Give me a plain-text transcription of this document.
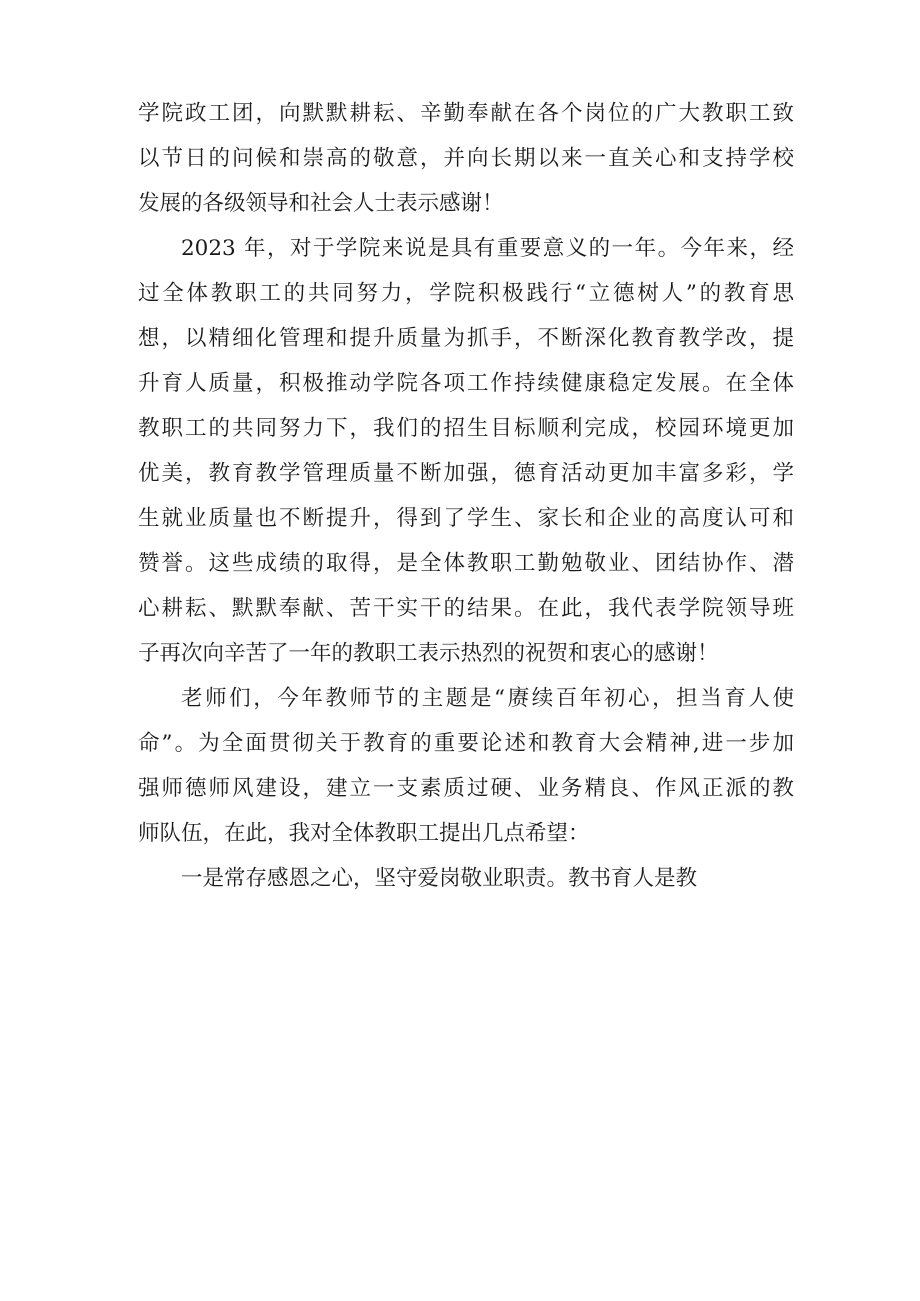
学院政工团，向默默耕耘、辛勤奉献在各个岗位的广大教职工致
以节日的问候和崇高的敬意，并向长期以来一直关心和支持学校
发展的各级领导和社会人士表示感谢！
2023 年，对于学院来说是具有重要意义的一年。今年来，经
过全体教职工的共同努力，学院积极践行“立德树人”的教育思
想，以精细化管理和提升质量为抓手，不断深化教育教学改，提
升育人质量，积极推动学院各项工作持续健康稳定发展。在全体
教职工的共同努力下，我们的招生目标顺利完成，校园环境更加
优美，教育教学管理质量不断加强，德育活动更加丰富多彩，学
生就业质量也不断提升，得到了学生、家长和企业的高度认可和
赞誉。这些成绩的取得，是全体教职工勤勉敬业、团结协作、潜
心耕耘、默默奉献、苦干实干的结果。在此，我代表学院领导班
子再次向辛苦了一年的教职工表示热烈的祝贺和衷心的感谢！
老师们，今年教师节的主题是“赓续百年初心，担当育人使
命”。为全面贯彻关于教育的重要论述和教育大会精神,进一步加
强师德师风建设，建立一支素质过硬、业务精良、作风正派的教
师队伍，在此，我对全体教职工提出几点希望：
一是常存感恩之心，坚守爱岗敬业职责。教书育人是教
